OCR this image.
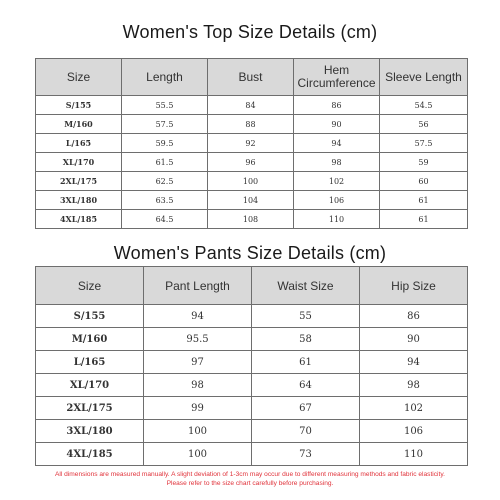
Women's Top Size Details (cm)
Size	Length	Bust	Hem Circumference	Sleeve Length
S/155	55.5	84	86	54.5
M/160	57.5	88	90	56
L/165	59.5	92	94	57.5
XL/170	61.5	96	98	59
2XL/175	62.5	100	102	60
3XL/180	63.5	104	106	61
4XL/185	64.5	108	110	61
Women's Pants Size Details (cm)
Size	Pant Length	Waist Size	Hip Size
S/155	94	55	86
M/160	95.5	58	90
L/165	97	61	94
XL/170	98	64	98
2XL/175	99	67	102
3XL/180	100	70	106
4XL/185	100	73	110
All dimensions are measured manually. A slight deviation of 1-3cm may occur due to different measuring methods and fabric elasticity.
Please refer to the size chart carefully before purchasing.
